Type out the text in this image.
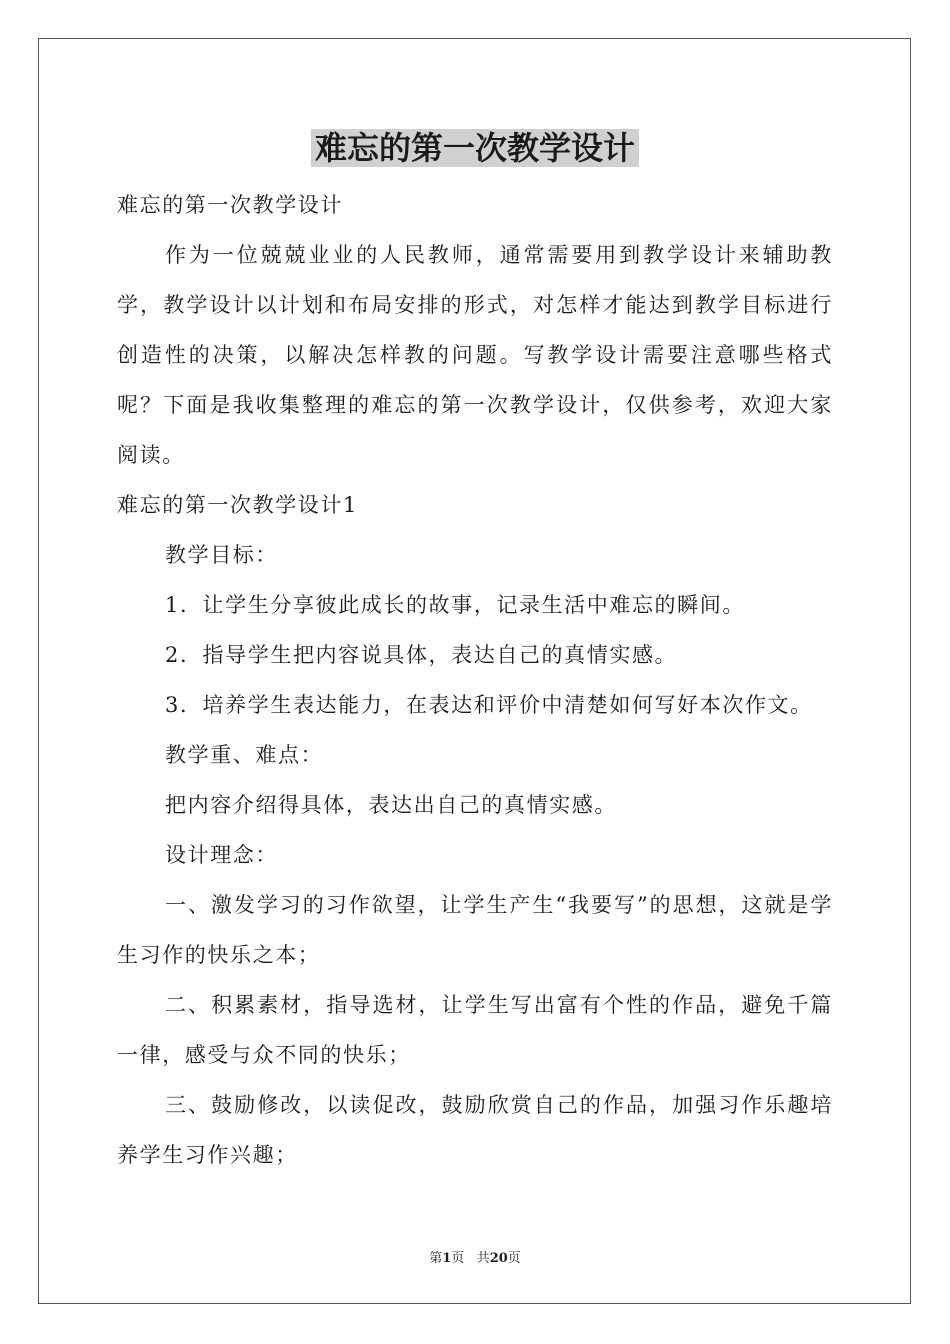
难忘的第一次教学设计

难忘的第一次教学设计

作为一位兢兢业业的人民教师，通常需要用到教学设计来辅助教学，教学设计以计划和布局安排的形式，对怎样才能达到教学目标进行创造性的决策，以解决怎样教的问题。写教学设计需要注意哪些格式呢？下面是我收集整理的难忘的第一次教学设计，仅供参考，欢迎大家阅读。

难忘的第一次教学设计1

教学目标：

1．让学生分享彼此成长的故事，记录生活中难忘的瞬间。

2．指导学生把内容说具体，表达自己的真情实感。

3．培养学生表达能力，在表达和评价中清楚如何写好本次作文。

教学重、难点：

把内容介绍得具体，表达出自己的真情实感。

设计理念：

一、激发学习的习作欲望，让学生产生“我要写”的思想，这就是学生习作的快乐之本；

二、积累素材，指导选材，让学生写出富有个性的作品，避免千篇一律，感受与众不同的快乐；

三、鼓励修改，以读促改，鼓励欣赏自己的作品，加强习作乐趣培养学生习作兴趣；

第1页 共20页
